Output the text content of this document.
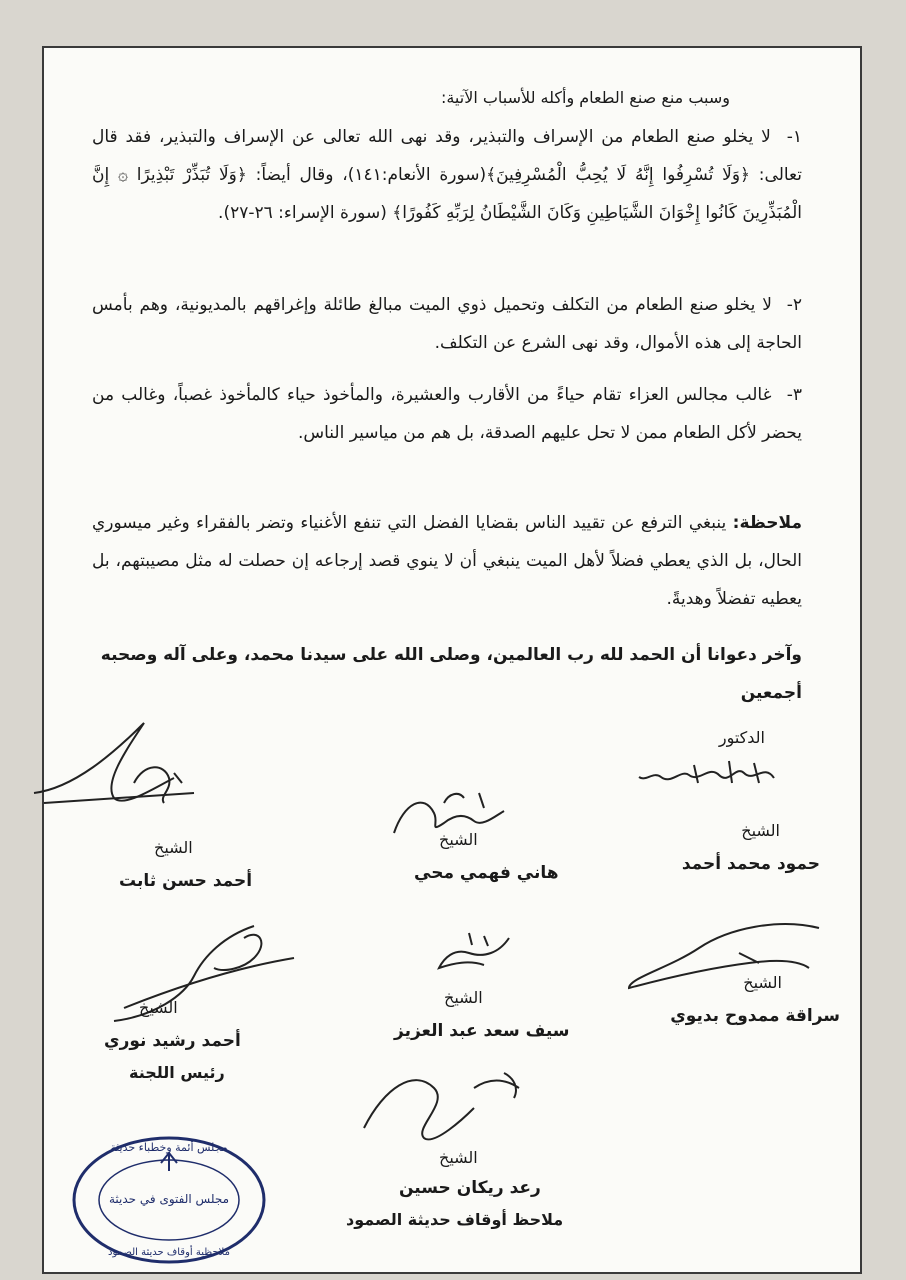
وسبب منع صنع الطعام وأكله للأسباب الآتية:
١- لا يخلو صنع الطعام من الإسراف والتبذير، وقد نهى الله تعالى عن الإسراف والتبذير، فقد قال تعالى: ﴿وَلَا تُسْرِفُوا إِنَّهُ لَا يُحِبُّ الْمُسْرِفِينَ﴾(سورة الأنعام:١٤١)، وقال أيضاً: ﴿وَلَا تُبَذِّرْ تَبْذِيرًا ۞ إِنَّ الْمُبَذِّرِينَ كَانُوا إِخْوَانَ الشَّيَاطِينِ وَكَانَ الشَّيْطَانُ لِرَبِّهِ كَفُورًا﴾ (سورة الإسراء: ٢٦-٢٧).
٢- لا يخلو صنع الطعام من التكلف وتحميل ذوي الميت مبالغ طائلة وإغراقهم بالمديونية، وهم بأمس الحاجة إلى هذه الأموال، وقد نهى الشرع عن التكلف.
٣- غالب مجالس العزاء تقام حياءً من الأقارب والعشيرة، والمأخوذ حياء كالمأخوذ غصباً، وغالب من يحضر لأكل الطعام ممن لا تحل عليهم الصدقة، بل هم من مياسير الناس.
ملاحظة: ينبغي الترفع عن تقييد الناس بقضايا الفضل التي تنفع الأغنياء وتضر بالفقراء وغير ميسوري الحال، بل الذي يعطي فضلاً لأهل الميت ينبغي أن لا ينوي قصد إرجاعه إن حصلت له مثل مصيبتهم، بل يعطيه تفضلاً وهديةً.
وآخر دعوانا أن الحمد لله رب العالمين، وصلى الله على سيدنا محمد، وعلى آله وصحبه أجمعين
الدكتور
الشيخ
حمود محمد أحمد
الشيخ
هاني فهمي محي
الشيخ
أحمد حسن ثابت
الشيخ
سراقة ممدوح بديوي
الشيخ
سيف سعد عبد العزيز
الشيخ
أحمد رشيد نوري
رئيس اللجنة
الشيخ
رعد ريكان حسين
ملاحظ أوقاف حديثة الصمود
مجلس أئمة وخطباء حديثة
مجلس الفتوى في حديثة
ملاحظية أوقاف حديثة الصمود
